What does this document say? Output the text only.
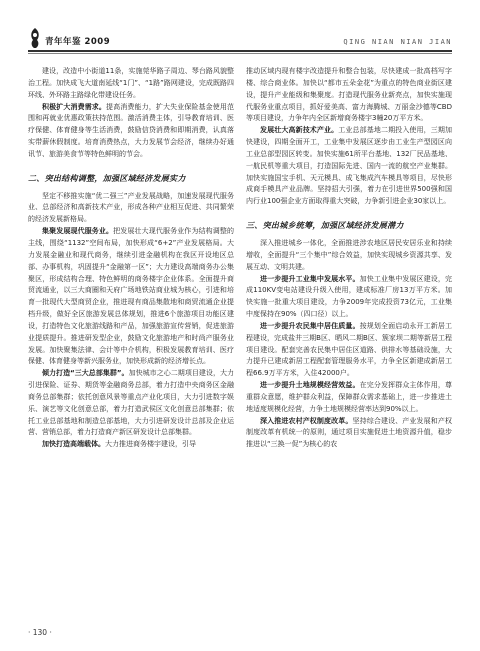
青年年鉴 2009	QING NIAN NIAN JIAN

建设，改造中小街道11条，实施莞华路子周边、琴台路风貌整治工程。加快成飞大道南延线“1门”、“1路”路网建设，完成既路四环线、外环路主路绿化带建设任务。

积极扩大消费需求。提高消费能力，扩大失业保险基金使用范围和再就业优惠政策扶持范围。激活消费主体，引导教育培训、医疗保健、体育健身等生活消费，鼓励信贷消费和即期消费，认真落实带薪休假制度。培育消费热点，大力发展节会经济，继续办好通讯节、旅游美食节等特色鲜明的节会。

二、突出结构调整，加强区域经济发展实力

坚定不移推实施“优二强三”产业发展战略，加速发展现代服务业、总部经济和高新技术产业，形成各种产业相互促进、共同繁荣的经济发展新格局。

集聚发展现代服务业。把发展壮大现代服务业作为结构调整的主线，围绕“1132”空间布局，加快形成“6+2”产业发展格局。大力发展金融业和现代商务，继续引进金融机构在我区开设地区总部、办事机构，巩固提升“金融第一区”；大力建设高端商务办公集聚区，形成结构合理、特色鲜明的商务楼宇企业体系。全面提升商贸流通业，以三大商圈和天府广场地铁站商业城为核心，引进和培育一批现代大型商贸企业，推进现有商品集散地和商贸流通企业提档升级，做好全区旅游发展总体规划，推进6个旅游项目功能区建设，打造特色文化旅游线路和产品，加强旅游宣传营销，促进旅游业提质提升。推进研发型企业，鼓励文化旅游地产和时尚产服务业发展。加快聚集法律、会计等中介机构，积极发展教育培训、医疗保健、体育健身等新兴服务业，加快形成新的经济增长点。

倾力打造“三大总部集群”。加快城市之心二期项目建设，大力引进保险、证券、期货等金融商务总部，着力打造中央商务区金融商务总部集群；依托创意风景等重点产业化项目，大力引进数字娱乐、演艺等文化创意总部，着力打造武侯区文化创意总部集群；依托工业总部基地和制造总部基地，大力引进研发设计总部及企业运营、营销总部，着力打造商产新区研发设计总部集群。

加快打造高端载体。大力推进商务楼宇建设，引导

推动区域内现有楼宇改造提升和整合包装，尽快建成一批高档写字楼、综合商业体。加快以“都市五朵金花”为重点的特色商业街区建设，提升产业能级和集聚度。打造现代服务业新亮点，加快实施现代服务业重点项目，抓好爱美高、富力海腾城、万丽金沙德等CBD等项目建设，力争年内全区新增商务楼宇3幢20万平方米。

发展壮大高新技术产业。工业总部基地二期投入使用，三期加快建设，四期全面开工，工业集中发展区逐步由工业生产型园区向工业总部型园区转变。加快实施61所平台基地、132厂民品基地、一航民机等重大项目，打造国际先进、国内一流的航空产业集群。加快实施国宝手机、天元模具、成飞集成汽车模具等项目，尽快形成商手模具产业品牌。坚持招大引强，着力在引进世界500强和国内行业100强企业方面取得重大突破，力争新引进企业30家以上。

三、突出城乡统筹，加强区域经济发展潜力

深入推进城乡一体化，全面推进涉农地区居民安居乐业和持续增收，全面提升“三个集中”综合效益，加快实现城乡资源共享、发展互动、文明共建。

进一步提升工业集中发展水平。加快工业集中发展区建设，完成110KV变电站建设升级入使用，建成标准厂房13万平方米。加快实施一批重大项目建设，力争2009年完成投资73亿元，工业集中度保持在90%（四口径）以上。

进一步提升农民集中居住质量。按规划全面启动永开工新居工程建设，完成盐井三期B区、晒风二期B区、簇家坝二期等新居工程项目建设。配套完善农民集中居住区道路、供排水等基础设施，大力提升已建成新居工程配套管理服务水平，力争全区新建成新居工程66.9万平方米，入住42000户。

进一步提升土地规模经营效益。在完分发挥群众主体作用，尊重群众意愿，维护群众利益，保障群众需求基础上，进一步推进土地适度规模化经营，力争土地规模经营率达到90%以上。

深入推进农村产权制度改革。坚持综合建设、产业发展和产权制度改革有机统一的原则，通过项目实施促进土地资源升值，稳步推进以“三换一促”为核心的农

· 130 ·
